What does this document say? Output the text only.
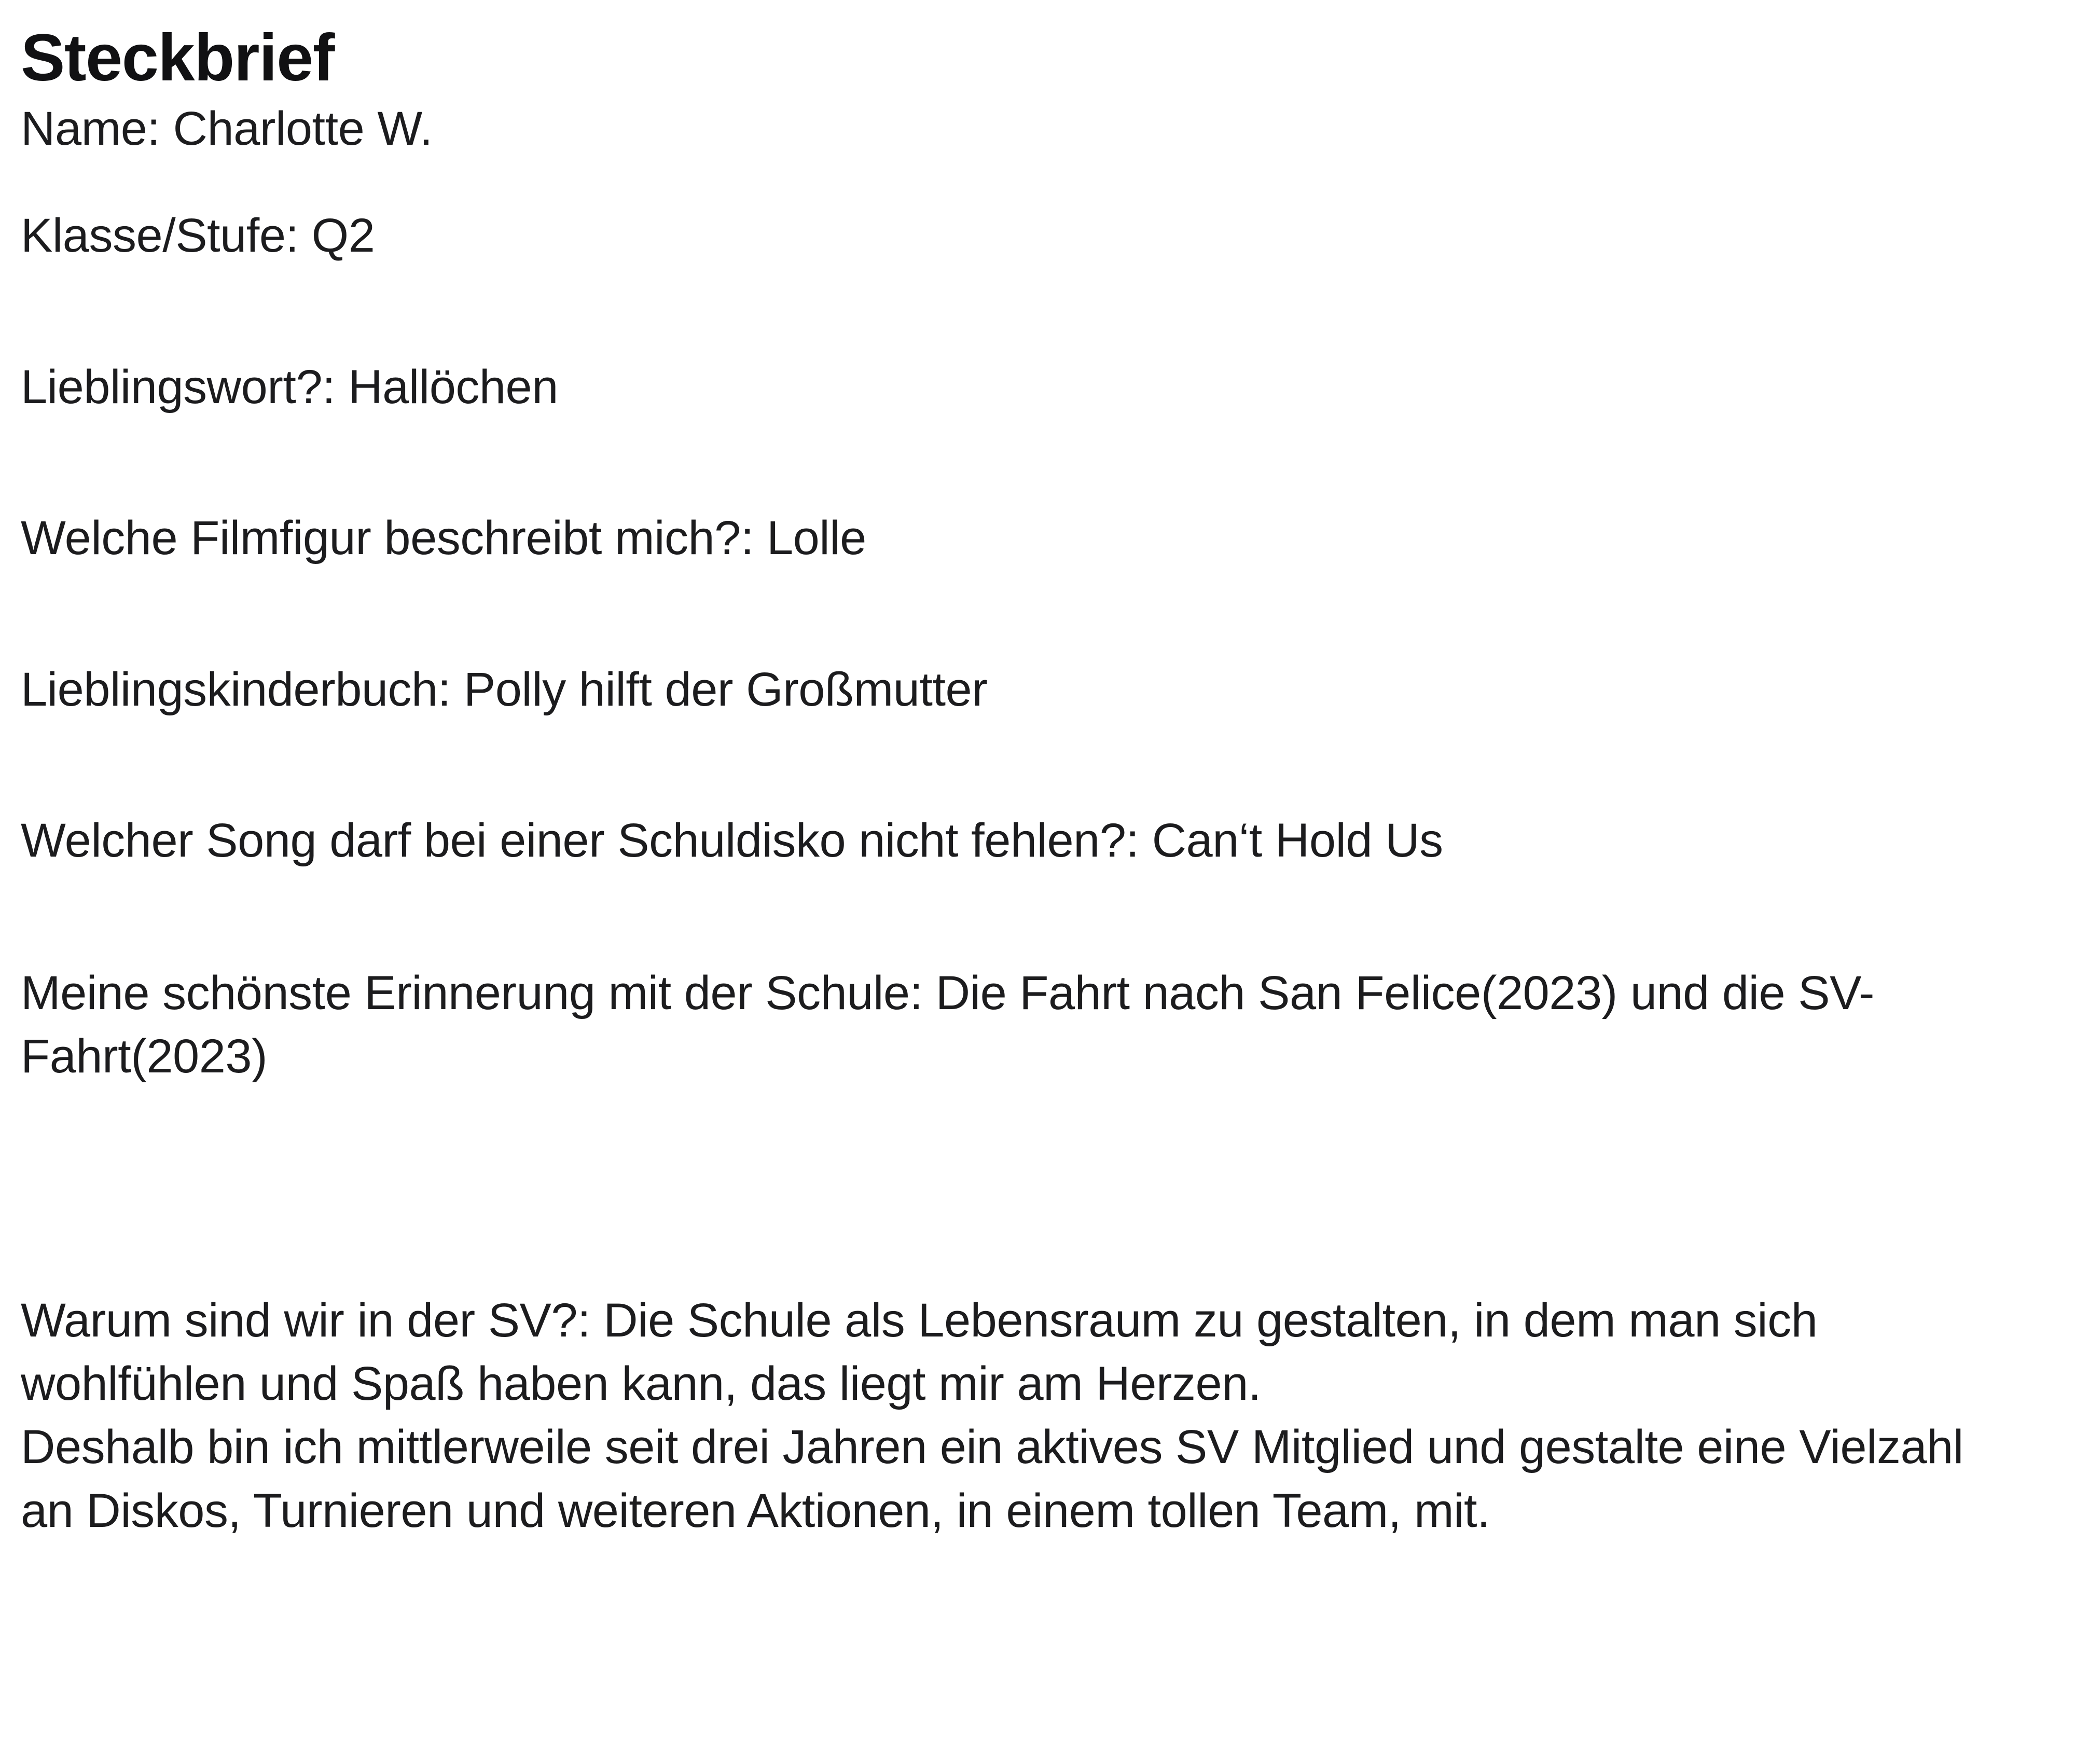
Steckbrief

Name: Charlotte W.

Klasse/Stufe: Q2

Lieblingswort?: Hallöchen

Welche Filmfigur beschreibt mich?: Lolle

Lieblingskinderbuch: Polly hilft der Großmutter

Welcher Song darf bei einer Schuldisko nicht fehlen?: Can‘t Hold Us

Meine schönste Erinnerung mit der Schule: Die Fahrt nach San Felice(2023) und die SV-Fahrt(2023)

Warum sind wir in der SV?: Die Schule als Lebensraum zu gestalten, in dem man sich wohlfühlen und Spaß haben kann, das liegt mir am Herzen.

Deshalb bin ich mittlerweile seit drei Jahren ein aktives SV Mitglied und gestalte eine Vielzahl an Diskos, Turnieren und weiteren Aktionen, in einem tollen Team, mit.
